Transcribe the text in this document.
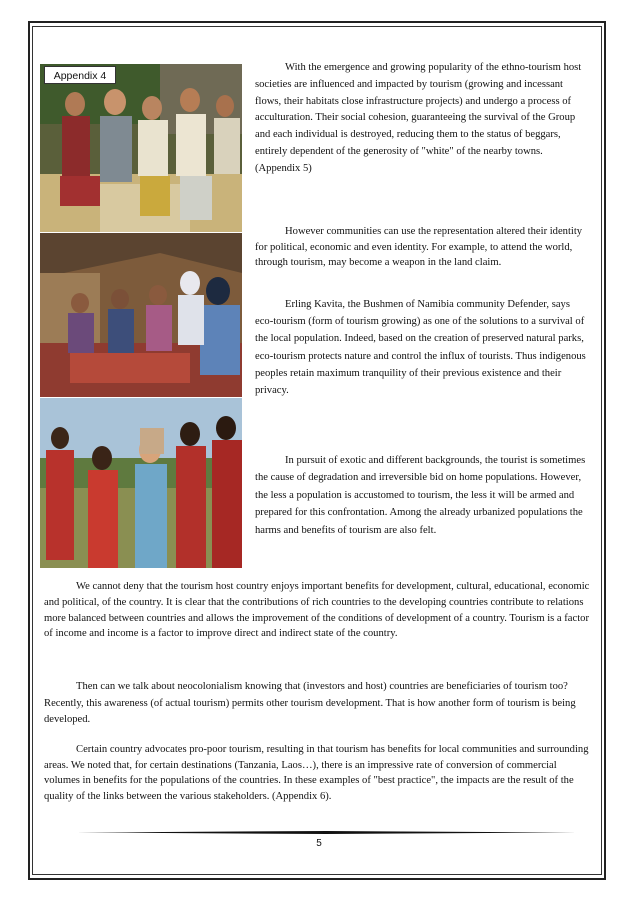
Appendix 4

With the emergence and growing popularity of the ethno-tourism host societies are influenced and impacted by tourism (growing and incessant flows, their habitats close infrastructure projects) and undergo a process of acculturation. Their social cohesion, guaranteeing the survival of the Group and each individual is destroyed, reducing them to the status of beggars, entirely dependent of the generosity of "white" of the nearby towns. (Appendix 5)

However communities can use the representation altered their identity for political, economic and even identity. For example, to attend the world, through tourism, may become a weapon in the land claim.

Erling Kavita, the Bushmen of Namibia community Defender, says eco-tourism (form of tourism growing) as one of the solutions to a survival of the local population. Indeed, based on the creation of preserved natural parks, eco-tourism protects nature and control the influx of tourists. Thus indigenous peoples retain maximum tranquility of their previous existence and their privacy.

In pursuit of exotic and different backgrounds, the tourist is sometimes the cause of degradation and irreversible bid on home populations. However, the less a population is accustomed to tourism, the less it will be armed and prepared for this confrontation. Among the already urbanized populations the harms and benefits of tourism are also felt.

We cannot deny that the tourism host country enjoys important benefits for development, cultural, educational, economic and political, of the country. It is clear that the contributions of rich countries to the developing countries contribute to relations more balanced between countries and allows the improvement of the conditions of development of a country. Tourism is a factor of income and income is a factor to improve direct and indirect state of the country.

Then can we talk about neocolonialism knowing that (investors and host) countries are beneficiaries of tourism too? Recently, this awareness (of actual tourism) permits other tourism development. That is how another form of tourism is being developed.

Certain country advocates pro-poor tourism, resulting in that tourism has benefits for local communities and surrounding areas. We noted that, for certain destinations (Tanzania, Laos…), there is an impressive rate of conversion of commercial volumes in benefits for the populations of the countries. In these examples of "best practice", the impacts are the result of the quality of the links between the various stakeholders. (Appendix 6).

5
